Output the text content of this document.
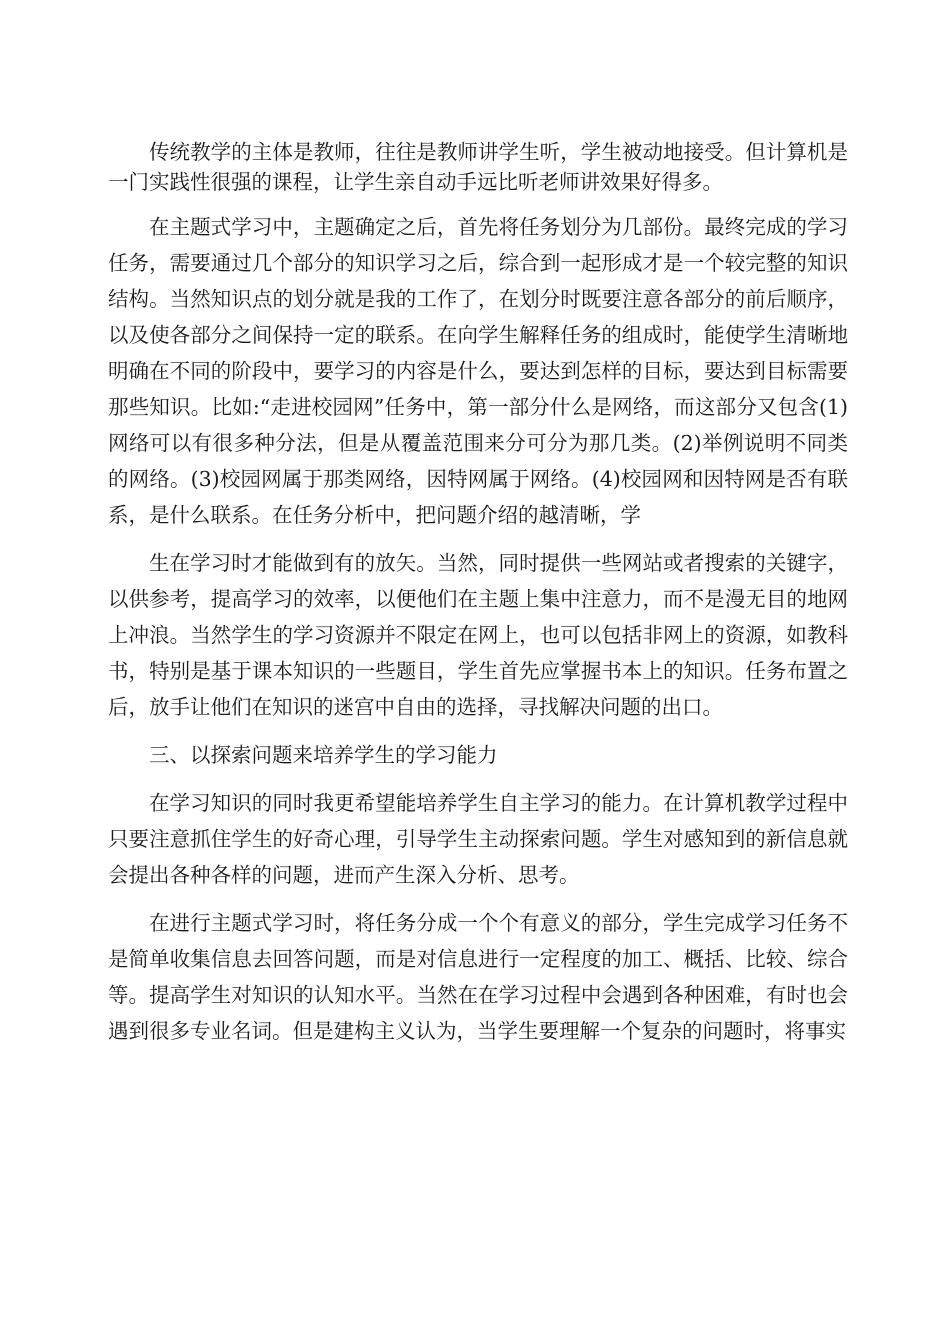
传统教学的主体是教师，往往是教师讲学生听，学生被动地接受。但计算机是一门实践性很强的课程，让学生亲自动手远比听老师讲效果好得多。

在主题式学习中，主题确定之后，首先将任务划分为几部份。最终完成的学习任务，需要通过几个部分的知识学习之后，综合到一起形成才是一个较完整的知识结构。当然知识点的划分就是我的工作了，在划分时既要注意各部分的前后顺序，以及使各部分之间保持一定的联系。在向学生解释任务的组成时，能使学生清晰地明确在不同的阶段中，要学习的内容是什么，要达到怎样的目标，要达到目标需要那些知识。比如:“走进校园网”任务中，第一部分什么是网络，而这部分又包含(1)网络可以有很多种分法，但是从覆盖范围来分可分为那几类。(2)举例说明不同类的网络。(3)校园网属于那类网络，因特网属于网络。(4)校园网和因特网是否有联系，是什么联系。在任务分析中，把问题介绍的越清晰，学

生在学习时才能做到有的放矢。当然，同时提供一些网站或者搜索的关键字，以供参考，提高学习的效率，以便他们在主题上集中注意力，而不是漫无目的地网上冲浪。当然学生的学习资源并不限定在网上，也可以包括非网上的资源，如教科书，特别是基于课本知识的一些题目，学生首先应掌握书本上的知识。任务布置之后，放手让他们在知识的迷宫中自由的选择，寻找解决问题的出口。

三、以探索问题来培养学生的学习能力

在学习知识的同时我更希望能培养学生自主学习的能力。在计算机教学过程中只要注意抓住学生的好奇心理，引导学生主动探索问题。学生对感知到的新信息就会提出各种各样的问题，进而产生深入分析、思考。

在进行主题式学习时，将任务分成一个个有意义的部分，学生完成学习任务不是简单收集信息去回答问题，而是对信息进行一定程度的加工、概括、比较、综合等。提高学生对知识的认知水平。当然在在学习过程中会遇到各种困难，有时也会遇到很多专业名词。但是建构主义认为，当学生要理解一个复杂的问题时，将事实
